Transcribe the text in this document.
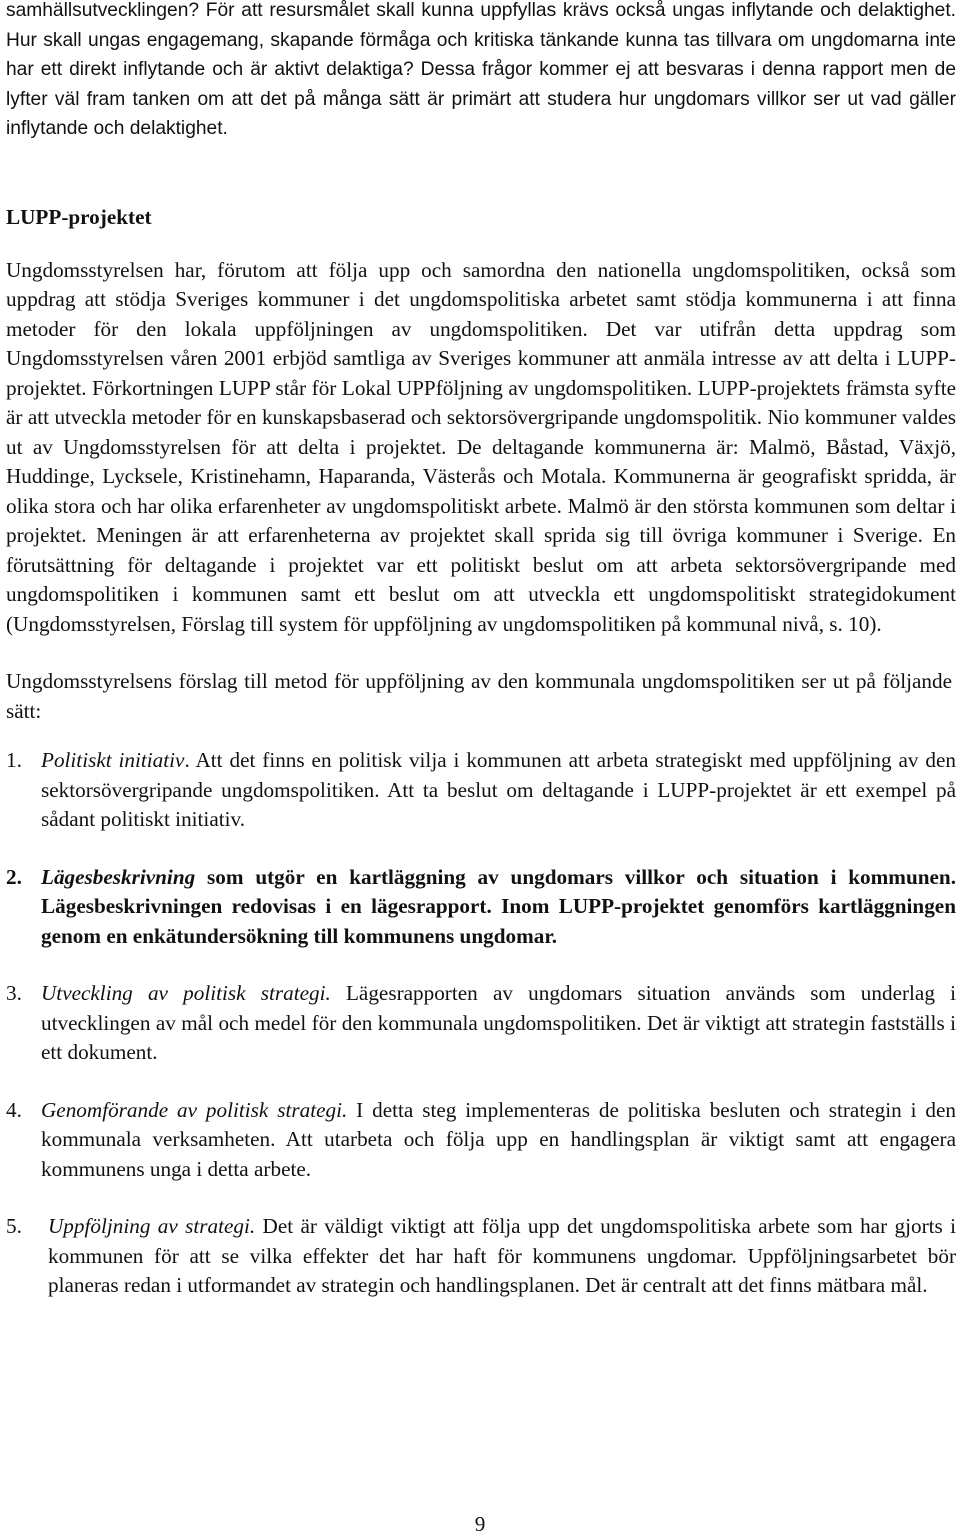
samhällsutvecklingen? För att resursmålet skall kunna uppfyllas krävs också ungas inflytande och delaktighet. Hur skall ungas engagemang, skapande förmåga och kritiska tänkande kunna tas tillvara om ungdomarna inte har ett direkt inflytande och är aktivt delaktiga? Dessa frågor kommer ej att besvaras i denna rapport men de lyfter väl fram tanken om att det på många sätt är primärt att studera hur ungdomars villkor ser ut vad gäller inflytande och delaktighet.

LUPP-projektet

Ungdomsstyrelsen har, förutom att följa upp och samordna den nationella ungdomspolitiken, också som uppdrag att stödja Sveriges kommuner i det ungdomspolitiska arbetet samt stödja kommunerna i att finna metoder för den lokala uppföljningen av ungdomspolitiken. Det var utifrån detta uppdrag som Ungdomsstyrelsen våren 2001 erbjöd samtliga av Sveriges kommuner att anmäla intresse av att delta i LUPP-projektet. Förkortningen LUPP står för Lokal UPPföljning av ungdomspolitiken. LUPP-projektets främsta syfte är att utveckla metoder för en kunskapsbaserad och sektorsövergripande ungdomspolitik. Nio kommuner valdes ut av Ungdomsstyrelsen för att delta i projektet. De deltagande kommunerna är: Malmö, Båstad, Växjö, Huddinge, Lycksele, Kristinehamn, Haparanda, Västerås och Motala. Kommunerna är geografiskt spridda, är olika stora och har olika erfarenheter av ungdomspolitiskt arbete. Malmö är den största kommunen som deltar i projektet. Meningen är att erfarenheterna av projektet skall sprida sig till övriga kommuner i Sverige. En förutsättning för deltagande i projektet var ett politiskt beslut om att arbeta sektorsövergripande med ungdomspolitiken i kommunen samt ett beslut om att utveckla ett ungdomspolitiskt strategidokument (Ungdomsstyrelsen, Förslag till system för uppföljning av ungdomspolitiken på kommunal nivå, s. 10).

Ungdomsstyrelsens förslag till metod för uppföljning av den kommunala ungdomspolitiken ser ut på följande sätt:

1. Politiskt initiativ. Att det finns en politisk vilja i kommunen att arbeta strategiskt med uppföljning av den sektorsövergripande ungdomspolitiken. Att ta beslut om deltagande i LUPP-projektet är ett exempel på sådant politiskt initiativ.
2. Lägesbeskrivning som utgör en kartläggning av ungdomars villkor och situation i kommunen. Lägesbeskrivningen redovisas i en lägesrapport. Inom LUPP-projektet genomförs kartläggningen genom en enkätundersökning till kommunens ungdomar.
3. Utveckling av politisk strategi. Lägesrapporten av ungdomars situation används som underlag i utvecklingen av mål och medel för den kommunala ungdomspolitiken. Det är viktigt att strategin fastställs i ett dokument.
4. Genomförande av politisk strategi. I detta steg implementeras de politiska besluten och strategin i den kommunala verksamheten. Att utarbeta och följa upp en handlingsplan är viktigt samt att engagera kommunens unga i detta arbete.
5. Uppföljning av strategi. Det är väldigt viktigt att följa upp det ungdomspolitiska arbete som har gjorts i kommunen för att se vilka effekter det har haft för kommunens ungdomar. Uppföljningsarbetet bör planeras redan i utformandet av strategin och handlingsplanen. Det är centralt att det finns mätbara mål.
9
